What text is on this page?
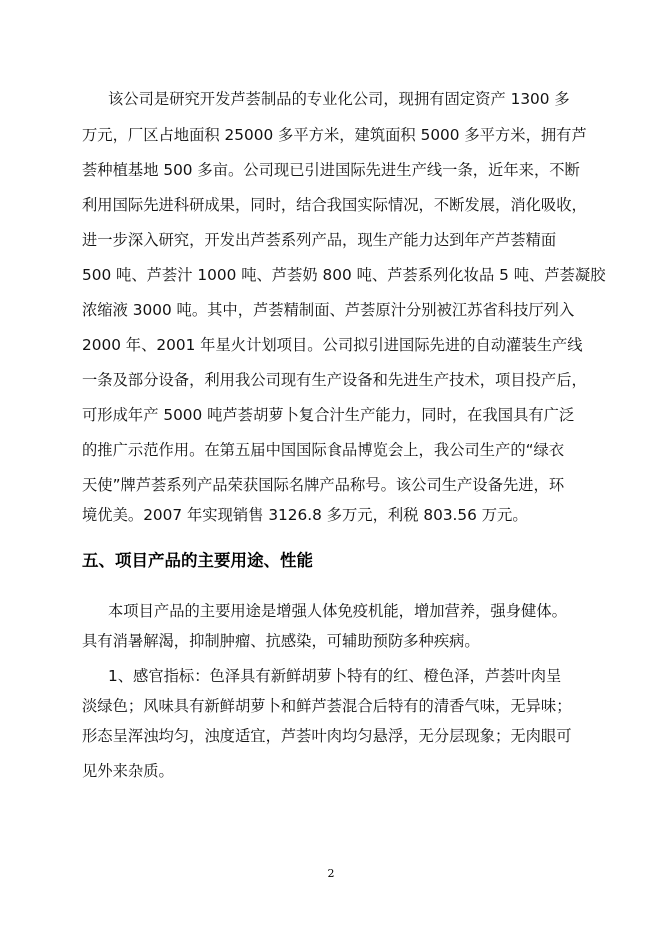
该公司是研究开发芦荟制品的专业化公司，现拥有固定资产 1300 多
万元，厂区占地面积 25000 多平方米，建筑面积 5000 多平方米，拥有芦
荟种植基地 500 多亩。公司现已引进国际先进生产线一条，近年来，不断
利用国际先进科研成果，同时，结合我国实际情况，不断发展，消化吸收，
进一步深入研究，开发出芦荟系列产品，现生产能力达到年产芦荟精面
500 吨、芦荟汁 1000 吨、芦荟奶 800 吨、芦荟系列化妆品 5 吨、芦荟凝胶
浓缩液 3000 吨。其中，芦荟精制面、芦荟原汁分别被江苏省科技厅列入
2000 年、2001 年星火计划项目。公司拟引进国际先进的自动灌装生产线
一条及部分设备，利用我公司现有生产设备和先进生产技术，项目投产后，
可形成年产 5000 吨芦荟胡萝卜复合汁生产能力，同时，在我国具有广泛
的推广示范作用。在第五届中国国际食品博览会上，我公司生产的“绿衣
天使”牌芦荟系列产品荣获国际名牌产品称号。该公司生产设备先进，环
境优美。2007 年实现销售 3126.8 多万元，利税 803.56 万元。
五、项目产品的主要用途、性能
本项目产品的主要用途是增强人体免疫机能，增加营养，强身健体。
具有消暑解渴，抑制肿瘤、抗感染，可辅助预防多种疾病。
1、感官指标：色泽具有新鲜胡萝卜特有的红、橙色泽，芦荟叶肉呈
淡绿色；风味具有新鲜胡萝卜和鲜芦荟混合后特有的清香气味，无异味；
形态呈浑浊均匀，浊度适宜，芦荟叶肉均匀悬浮，无分层现象；无肉眼可
见外来杂质。
2
